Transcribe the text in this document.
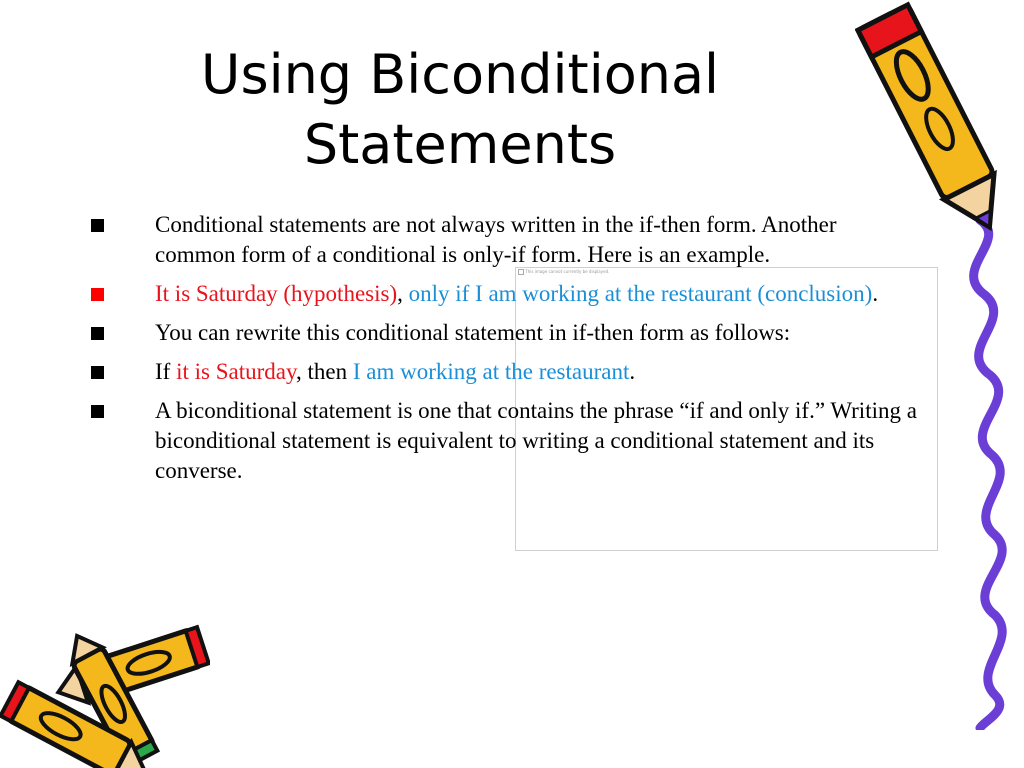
Using Biconditional
Statements
This image cannot currently be displayed.
Conditional statements are not always written in the if-then form. Another common form of a conditional is only-if form. Here is an example.
It is Saturday (hypothesis), only if I am working at the restaurant (conclusion).
You can rewrite this conditional statement in if-then form as follows:
If it is Saturday, then I am working at the restaurant.
A biconditional statement is one that contains the phrase “if and only if.” Writing a biconditional statement is equivalent to writing a conditional statement and its converse.
